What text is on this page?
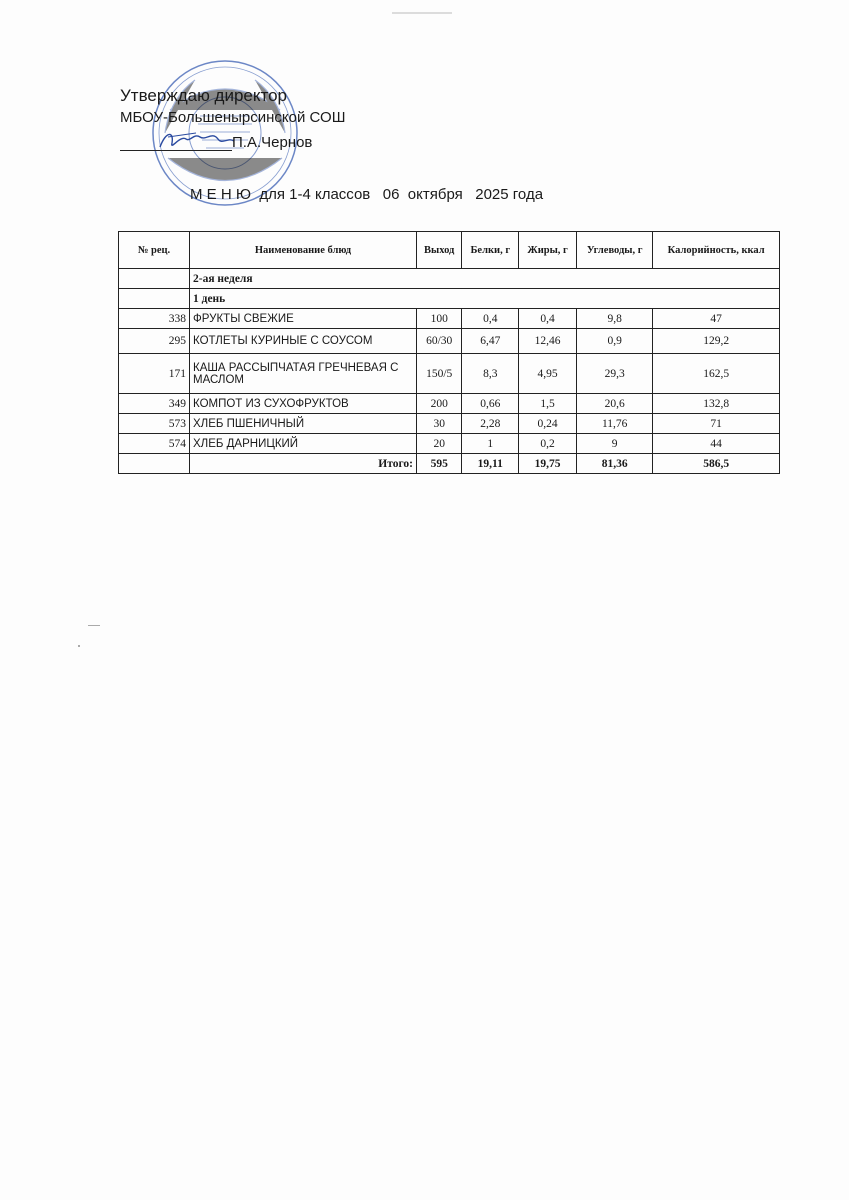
Утверждаю директор
МБОУ-Большенырсинской СОШ
П.А.Чернов
М Е Н Ю  для 1-4 классов   06  октября   2025 года
№ рец.	Наименование блюд	Выход	Белки, г	Жиры, г	Углеводы, г	Калорийность, ккал
	2-ая неделя					
	1 день					
338	ФРУКТЫ СВЕЖИЕ	100	0,4	0,4	9,8	47
295	КОТЛЕТЫ КУРИНЫЕ С СОУСОМ	60/30	6,47	12,46	0,9	129,2
171	КАША РАССЫПЧАТАЯ ГРЕЧНЕВАЯ С МАСЛОМ	150/5	8,3	4,95	29,3	162,5
349	КОМПОТ ИЗ СУХОФРУКТОВ	200	0,66	1,5	20,6	132,8
573	ХЛЕБ ПШЕНИЧНЫЙ	30	2,28	0,24	11,76	71
574	ХЛЕБ ДАРНИЦКИЙ	20	1	0,2	9	44
	Итого:	595	19,11	19,75	81,36	586,5
